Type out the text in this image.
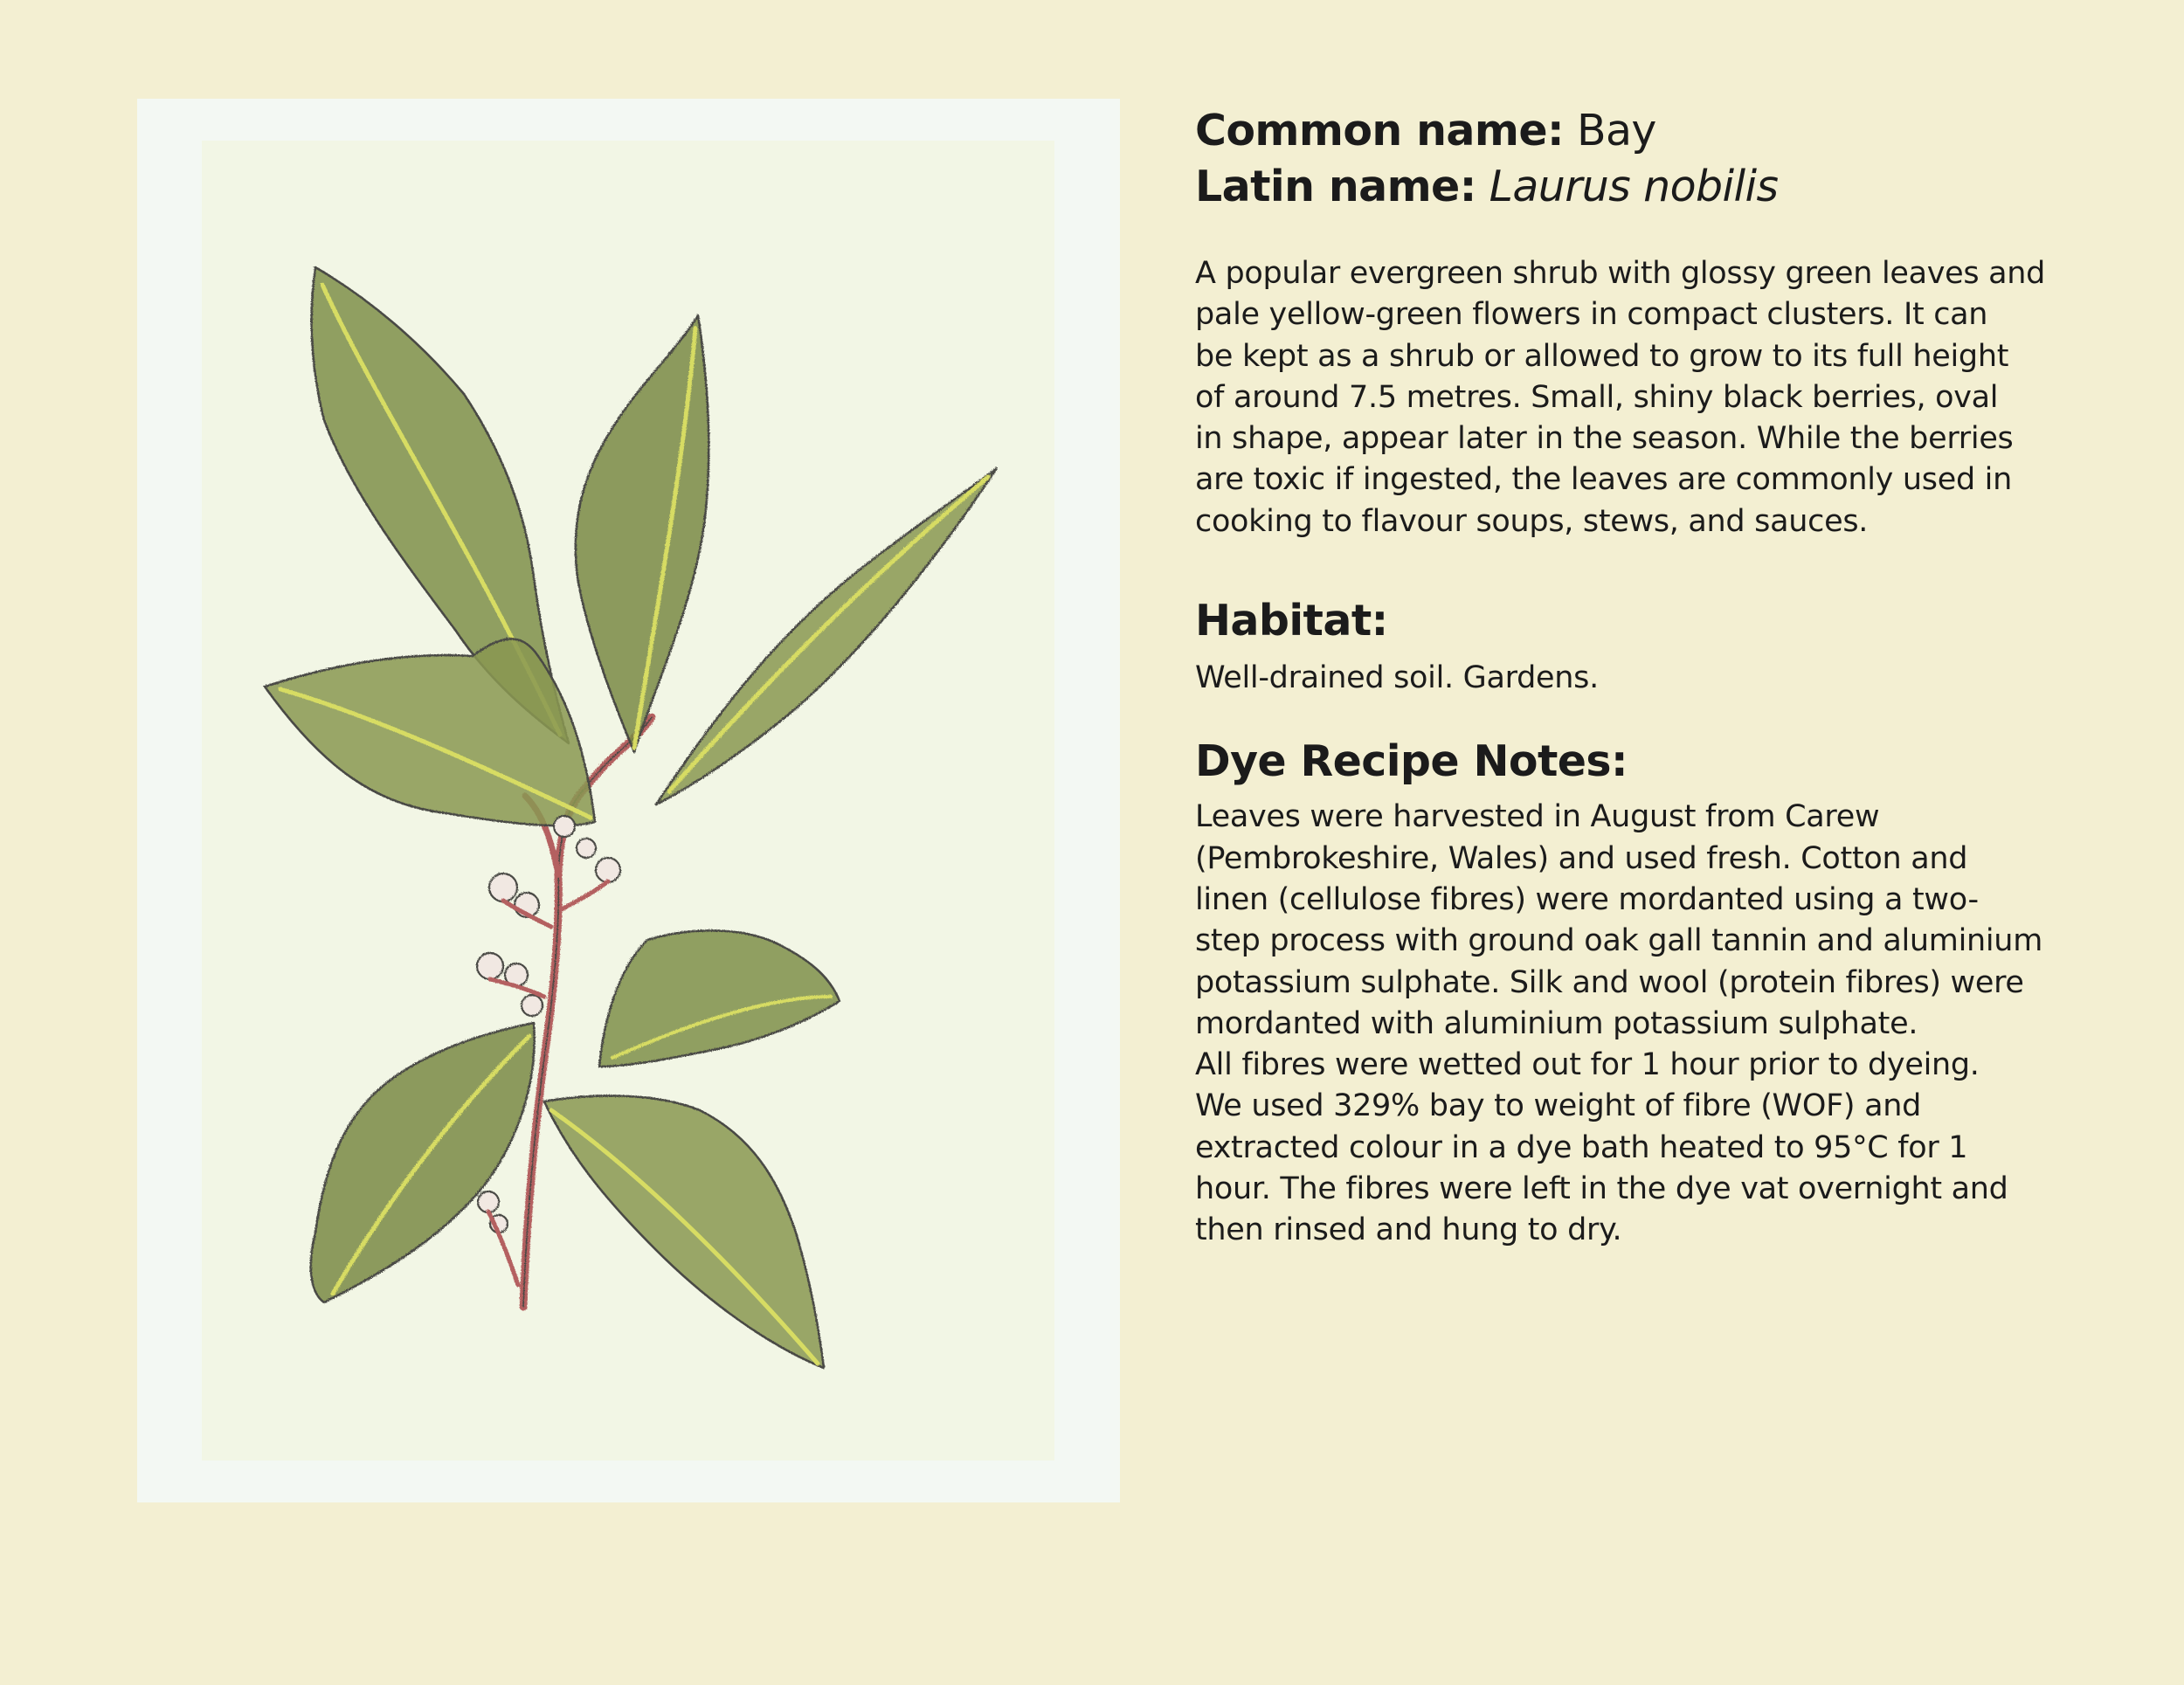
Common name: Bay

Latin name: Laurus nobilis

A popular evergreen shrub with glossy green leaves and
pale yellow-green flowers in compact clusters. It can
be kept as a shrub or allowed to grow to its full height
of around 7.5 metres. Small, shiny black berries, oval
in shape, appear later in the season. While the berries
are toxic if ingested, the leaves are commonly used in
cooking to flavour soups, stews, and sauces.

Habitat:

Well-drained soil. Gardens.

Dye Recipe Notes:

Leaves were harvested in August from Carew
(Pembrokeshire, Wales) and used fresh. Cotton and
linen (cellulose fibres) were mordanted using a two-
step process with ground oak gall tannin and aluminium
potassium sulphate. Silk and wool (protein fibres) were
mordanted with aluminium potassium sulphate.
All fibres were wetted out for 1 hour prior to dyeing.
We used 329% bay to weight of fibre (WOF) and
extracted colour in a dye bath heated to 95°C for 1
hour. The fibres were left in the dye vat overnight and
then rinsed and hung to dry.
